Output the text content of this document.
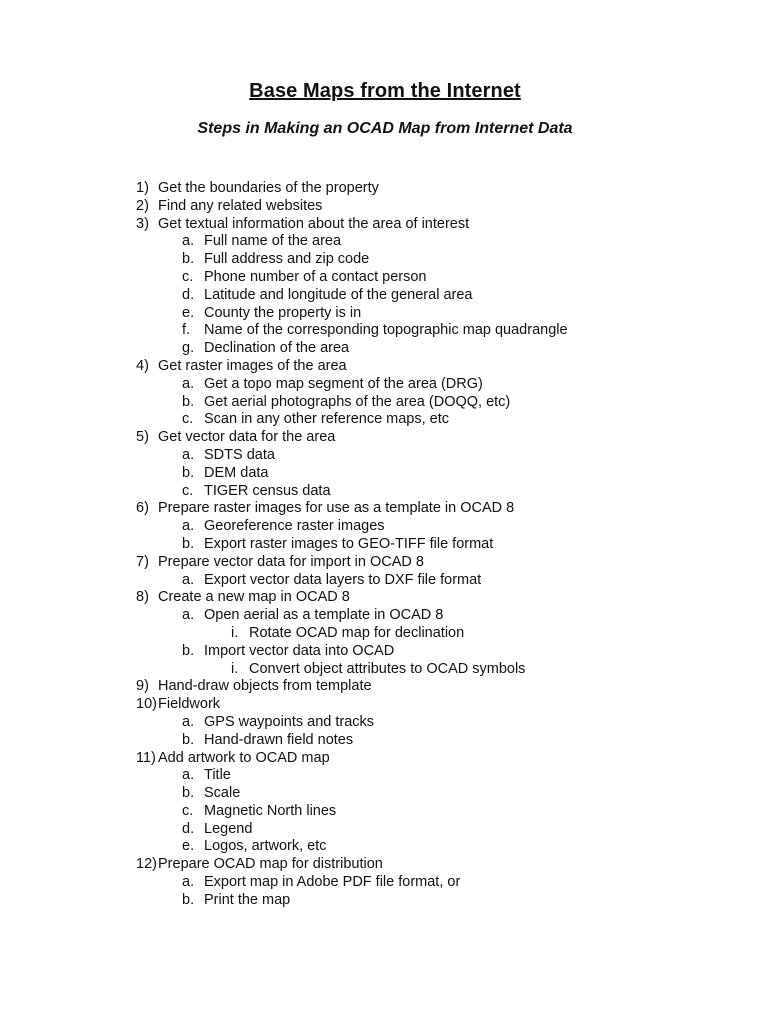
Base Maps from the Internet
Steps in Making an OCAD Map from Internet Data
1) Get the boundaries of the property
2) Find any related websites
3) Get textual information about the area of interest
a. Full name of the area
b. Full address and zip code
c. Phone number of a contact person
d. Latitude and longitude of the general area
e. County the property is in
f. Name of the corresponding topographic map quadrangle
g. Declination of the area
4) Get raster images of the area
a. Get a topo map segment of the area (DRG)
b. Get aerial photographs of the area (DOQQ, etc)
c. Scan in any other reference maps, etc
5) Get vector data for the area
a. SDTS data
b. DEM data
c. TIGER census data
6) Prepare raster images for use as a template in OCAD 8
a. Georeference raster images
b. Export raster images to GEO-TIFF file format
7) Prepare vector data for import in OCAD 8
a. Export vector data layers to DXF file format
8) Create a new map in OCAD 8
a. Open aerial as a template in OCAD 8
i. Rotate OCAD map for declination
b. Import vector data into OCAD
i. Convert object attributes to OCAD symbols
9) Hand-draw objects from template
10) Fieldwork
a. GPS waypoints and tracks
b. Hand-drawn field notes
11) Add artwork to OCAD map
a. Title
b. Scale
c. Magnetic North lines
d. Legend
e. Logos, artwork, etc
12) Prepare OCAD map for distribution
a. Export map in Adobe PDF file format, or
b. Print the map
